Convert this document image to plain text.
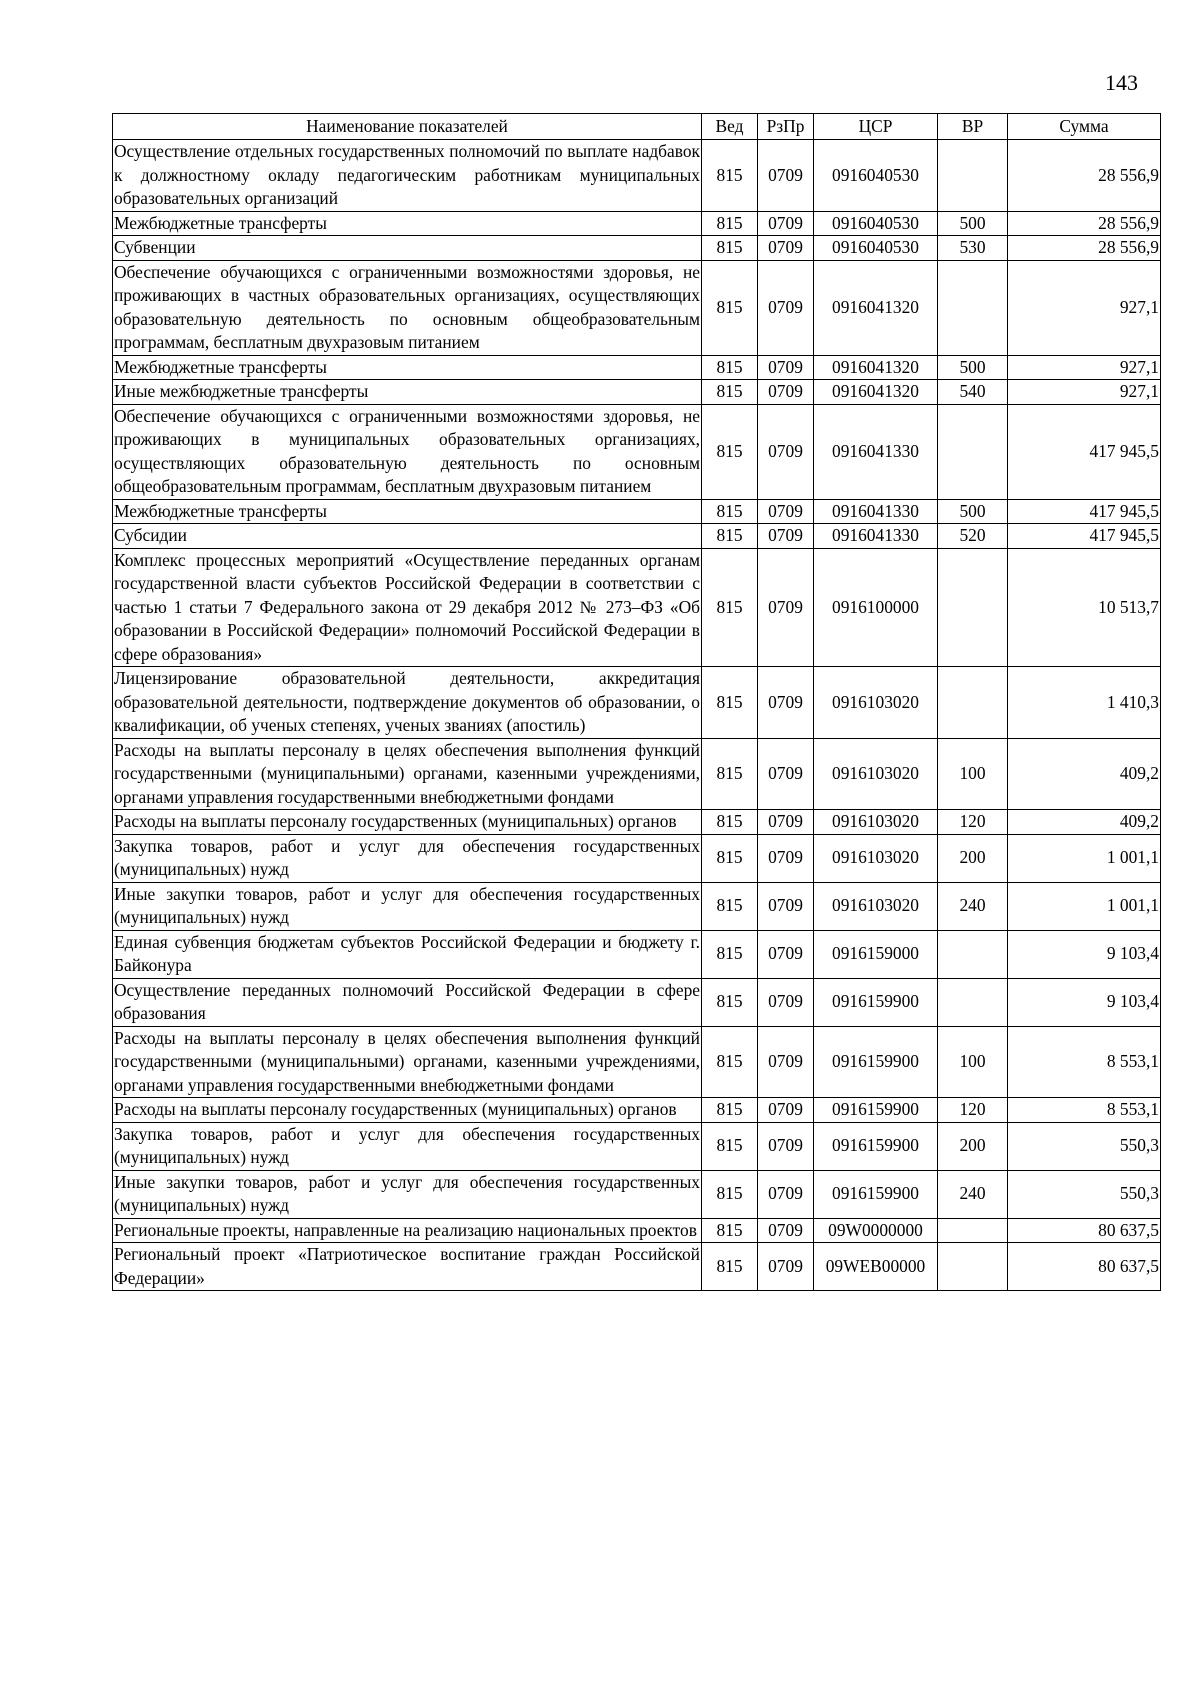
143
Наименование показателей	Вед	РзПр	ЦСР	ВР	Сумма
Осуществление отдельных государственных полномочий по выплате надбавок к должностному окладу педагогическим работникам муниципальных образовательных организаций	815	0709	0916040530		28 556,9
Межбюджетные трансферты	815	0709	0916040530	500	28 556,9
Субвенции	815	0709	0916040530	530	28 556,9
Обеспечение обучающихся с ограниченными возможностями здоровья, не проживающих в частных образовательных организациях, осуществляющих образовательную деятельность по основным общеобразовательным программам, бесплатным двухразовым питанием	815	0709	0916041320		927,1
Межбюджетные трансферты	815	0709	0916041320	500	927,1
Иные межбюджетные трансферты	815	0709	0916041320	540	927,1
Обеспечение обучающихся с ограниченными возможностями здоровья, не проживающих в муниципальных образовательных организациях, осуществляющих образовательную деятельность по основным общеобразовательным программам, бесплатным двухразовым питанием	815	0709	0916041330		417 945,5
Межбюджетные трансферты	815	0709	0916041330	500	417 945,5
Субсидии	815	0709	0916041330	520	417 945,5
Комплекс процессных мероприятий «Осуществление переданных органам государственной власти субъектов Российской Федерации в соответствии с частью 1 статьи 7 Федерального закона от 29 декабря 2012 № 273–ФЗ «Об образовании в Российской Федерации» полномочий Российской Федерации в сфере образования»	815	0709	0916100000		10 513,7
Лицензирование образовательной деятельности, аккредитация образовательной деятельности, подтверждение документов об образовании, о квалификации, об ученых степенях, ученых званиях (апостиль)	815	0709	0916103020		1 410,3
Расходы на выплаты персоналу в целях обеспечения выполнения функций государственными (муниципальными) органами, казенными учреждениями, органами управления государственными внебюджетными фондами	815	0709	0916103020	100	409,2
Расходы на выплаты персоналу государственных (муниципальных) органов	815	0709	0916103020	120	409,2
Закупка товаров, работ и услуг для обеспечения государственных (муниципальных) нужд	815	0709	0916103020	200	1 001,1
Иные закупки товаров, работ и услуг для обеспечения государственных (муниципальных) нужд	815	0709	0916103020	240	1 001,1
Единая субвенция бюджетам субъектов Российской Федерации и бюджету г. Байконура	815	0709	0916159000		9 103,4
Осуществление переданных полномочий Российской Федерации в сфере образования	815	0709	0916159900		9 103,4
Расходы на выплаты персоналу в целях обеспечения выполнения функций государственными (муниципальными) органами, казенными учреждениями, органами управления государственными внебюджетными фондами	815	0709	0916159900	100	8 553,1
Расходы на выплаты персоналу государственных (муниципальных) органов	815	0709	0916159900	120	8 553,1
Закупка товаров, работ и услуг для обеспечения государственных (муниципальных) нужд	815	0709	0916159900	200	550,3
Иные закупки товаров, работ и услуг для обеспечения государственных (муниципальных) нужд	815	0709	0916159900	240	550,3
Региональные проекты, направленные на реализацию национальных проектов	815	0709	09W0000000		80 637,5
Региональный проект «Патриотическое воспитание граждан Российской Федерации»	815	0709	09WEB00000		80 637,5
